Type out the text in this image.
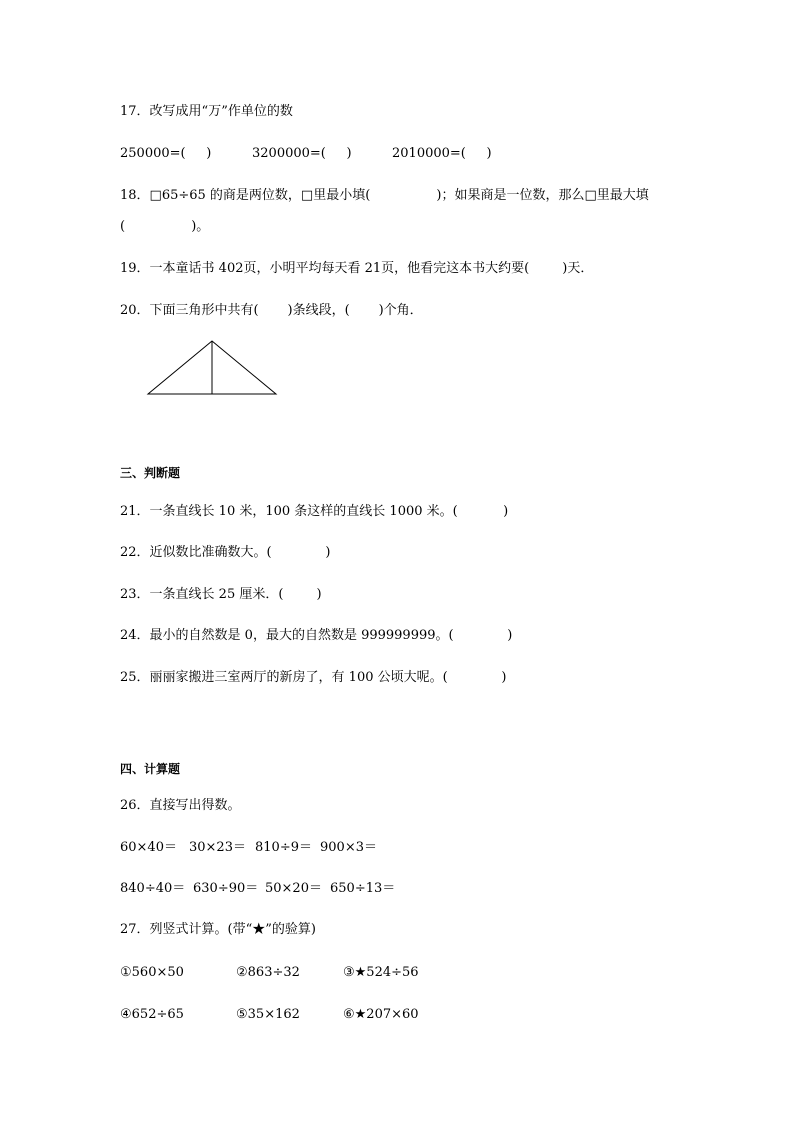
17．改写成用“万”作单位的数
250000=(     )	3200000=(     )	2010000=(     )
18．□65÷65 的商是两位数，□里最小填(                )；如果商是一位数，那么□里最大填
(                )。
19．一本童话书 402页，小明平均每天看 21页，他看完这本书大约要(        )天．
20．下面三角形中共有(       )条线段，(       )个角．
三、判断题
21．一条直线长 10 米，100 条这样的直线长 1000 米。(           )
22．近似数比准确数大。(             )
23．一条直线长 25 厘米．(        )
24．最小的自然数是 0，最大的自然数是 999999999。(             )
25．丽丽家搬进三室两厅的新房了，有 100 公顷大呢。(             )
四、计算题
26．直接写出得数。
60×40＝ 30×23＝ 810÷9＝ 900×3＝
840÷40＝ 630÷90＝ 50×20＝ 650÷13＝
27．列竖式计算。(带“★”的验算)
①560×50	②863÷32	③★524÷56
④652÷65	⑤35×162	⑥★207×60
